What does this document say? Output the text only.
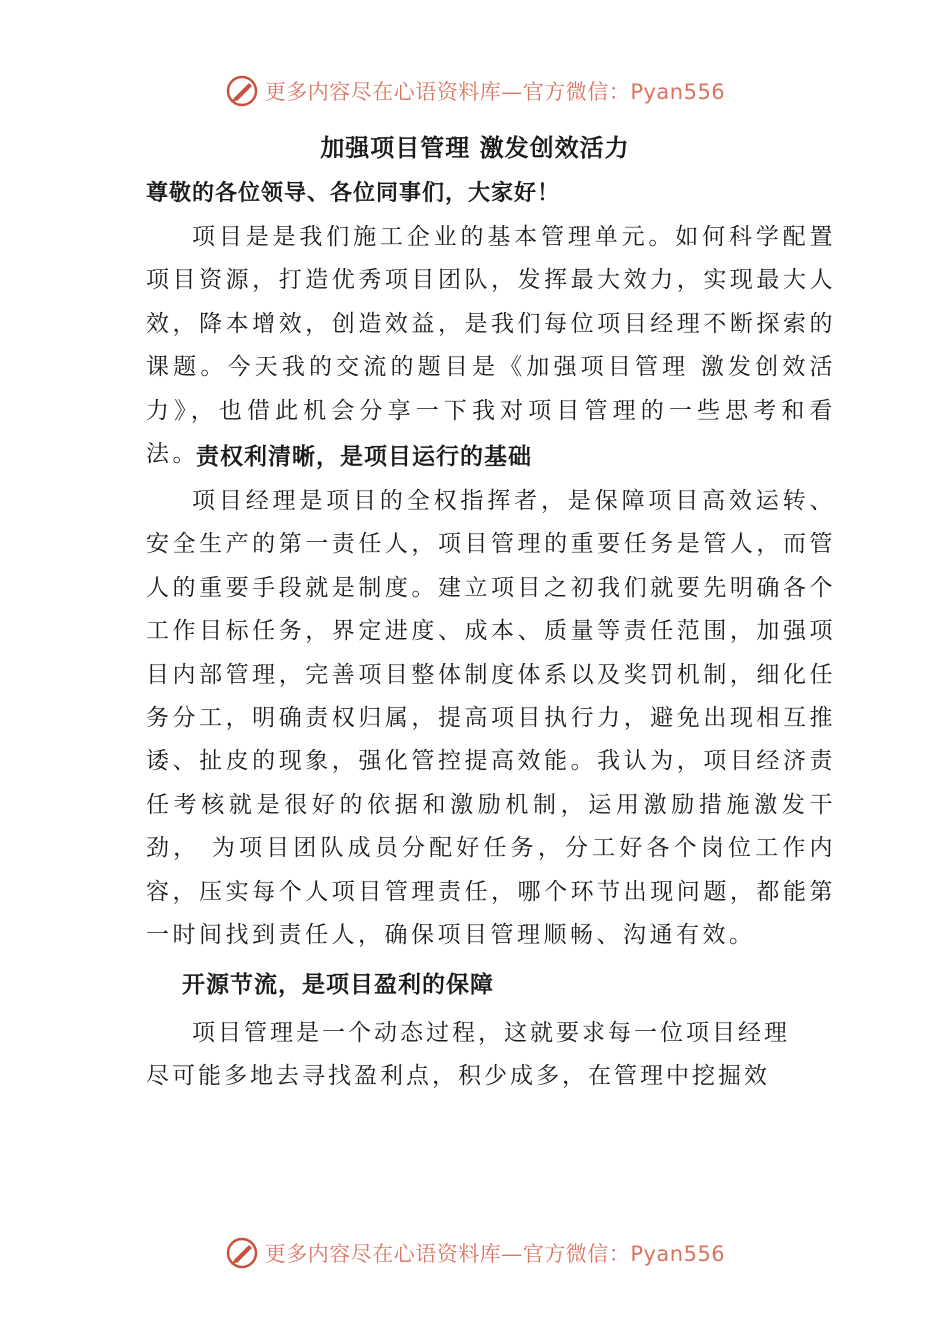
更多内容尽在心语资料库—官方微信：Pyan556
加强项目管理 激发创效活力
尊敬的各位领导、各位同事们，大家好！

项目是是我们施工企业的基本管理单元。如何科学配置项目资源，打造优秀项目团队，发挥最大效力，实现最大人效，降本增效，创造效益，是我们每位项目经理不断探索的课题。今天我的交流的题目是《加强项目管理 激发创效活力》，也借此机会分享一下我对项目管理的一些思考和看法。

责权利清晰，是项目运行的基础

项目经理是项目的全权指挥者，是保障项目高效运转、安全生产的第一责任人，项目管理的重要任务是管人，而管人的重要手段就是制度。建立项目之初我们就要先明确各个工作目标任务，界定进度、成本、质量等责任范围，加强项目内部管理，完善项目整体制度体系以及奖罚机制，细化任 务分工，明确责权归属，提高项目执行力，避免出现相互推 诿、扯皮的现象，强化管控提高效能。我认为，项目经济责任考核就是很好的依据和激励机制，运用激励措施激发干劲， 为项目团队成员分配好任务，分工好各个岗位工作内容，压实每个人项目管理责任，哪个环节出现问题，都能第一时间找到责任人，确保项目管理顺畅、沟通有效。

开源节流，是项目盈利的保障

项目管理是一个动态过程，这就要求每一位项目经理
尽可能多地去寻找盈利点，积少成多，在管理中挖掘效

更多内容尽在心语资料库—官方微信：Pyan556
